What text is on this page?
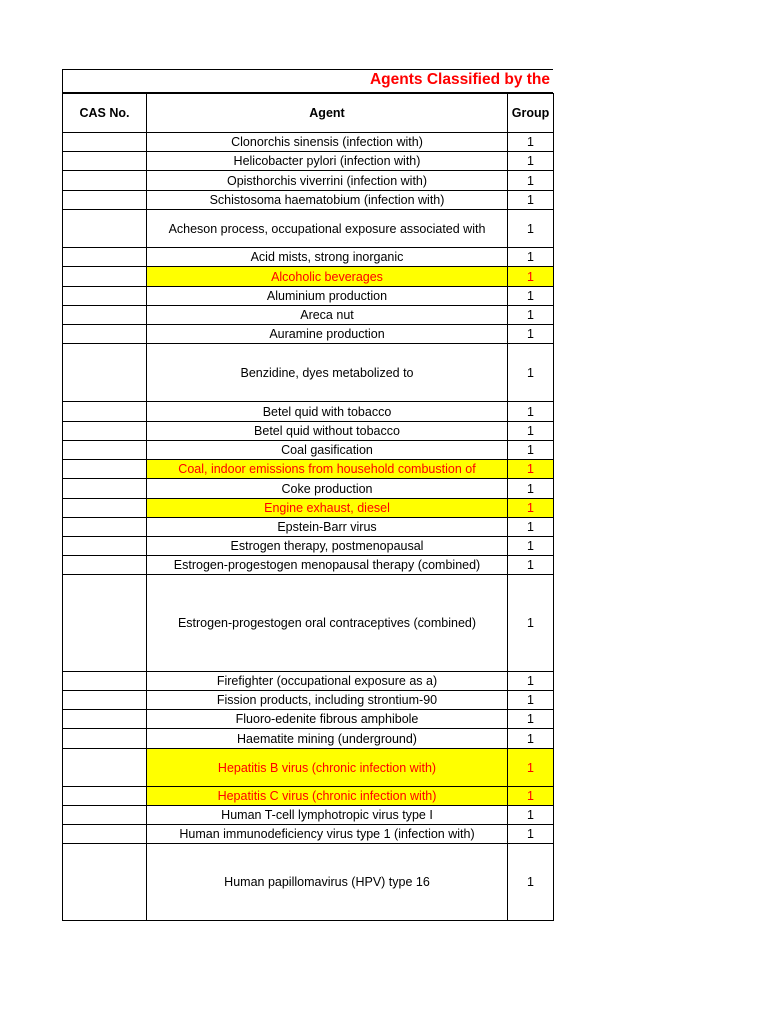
Agents Classified by the
CAS No.	Agent	Group
	Clonorchis sinensis (infection with)	1
	Helicobacter pylori (infection with)	1
	Opisthorchis viverrini (infection with)	1
	Schistosoma haematobium (infection with)	1
	Acheson process, occupational exposure associated with	1
	Acid mists, strong inorganic	1
	Alcoholic beverages	1
	Aluminium production	1
	Areca nut	1
	Auramine production	1
	Benzidine, dyes metabolized to	1
	Betel quid with tobacco	1
	Betel quid without tobacco	1
	Coal gasification	1
	Coal, indoor emissions from household combustion of	1
	Coke production	1
	Engine exhaust, diesel	1
	Epstein-Barr virus	1
	Estrogen therapy, postmenopausal	1
	Estrogen-progestogen menopausal therapy (combined)	1
	Estrogen-progestogen oral contraceptives (combined)	1
	Firefighter (occupational exposure as a)	1
	Fission products, including strontium-90	1
	Fluoro-edenite fibrous amphibole	1
	Haematite mining (underground)	1
	Hepatitis B virus (chronic infection with)	1
	Hepatitis C virus (chronic infection with)	1
	Human T-cell lymphotropic virus type I	1
	Human immunodeficiency virus type 1 (infection with)	1
	Human papillomavirus (HPV) type 16	1
